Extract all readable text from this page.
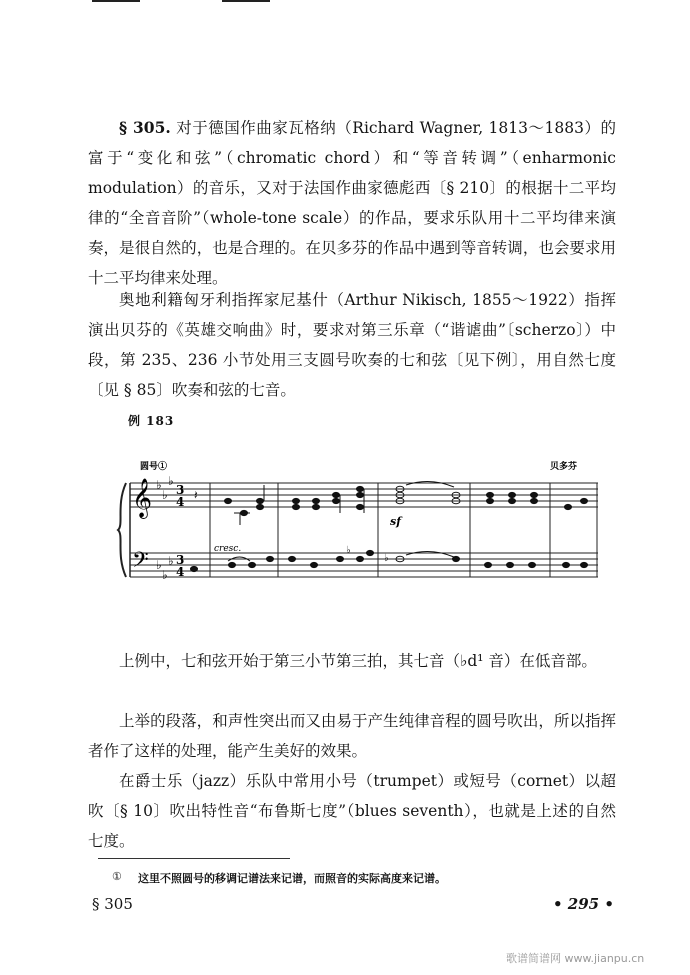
§ 305. 对于德国作曲家瓦格纳（Richard Wagner, 1813～1883）的富于“变化和弦”（chromatic chord）和“等音转调”（enharmonic modulation）的音乐，又对于法国作曲家德彪西〔§ 210〕的根据十二平均律的“全音音阶”（whole-tone scale）的作品，要求乐队用十二平均律来演奏，是很自然的，也是合理的。在贝多芬的作品中遇到等音转调，也会要求用十二平均律来处理。

奥地利籍匈牙利指挥家尼基什（Arthur Nikisch, 1855～1922）指挥演出贝芬的《英雄交响曲》时，要求对第三乐章（“谐谑曲”〔scherzo〕）中段，第 235、236 小节处用三支圆号吹奏的七和弦〔见下例〕，用自然七度〔见 § 85〕吹奏和弦的七音。

例 183
圆号①	贝多芬
𝄞
𝄢
♭
♭
♭
♭
♭
♭
3
4
3
4
𝄽
sf
♭
♭
cresc.

上例中，七和弦开始于第三小节第三拍，其七音（♭d¹ 音）在低音部。

上举的段落，和声性突出而又由易于产生纯律音程的圆号吹出，所以指挥者作了这样的处理，能产生美好的效果。

在爵士乐（jazz）乐队中常用小号（trumpet）或短号（cornet）以超吹〔§ 10〕吹出特性音“布鲁斯七度”（blues seventh），也就是上述的自然七度。

① 这里不照圆号的移调记谱法来记谱，而照音的实际高度来记谱。
§ 305	• 295 •
歌谱简谱网 www.jianpu.cn
